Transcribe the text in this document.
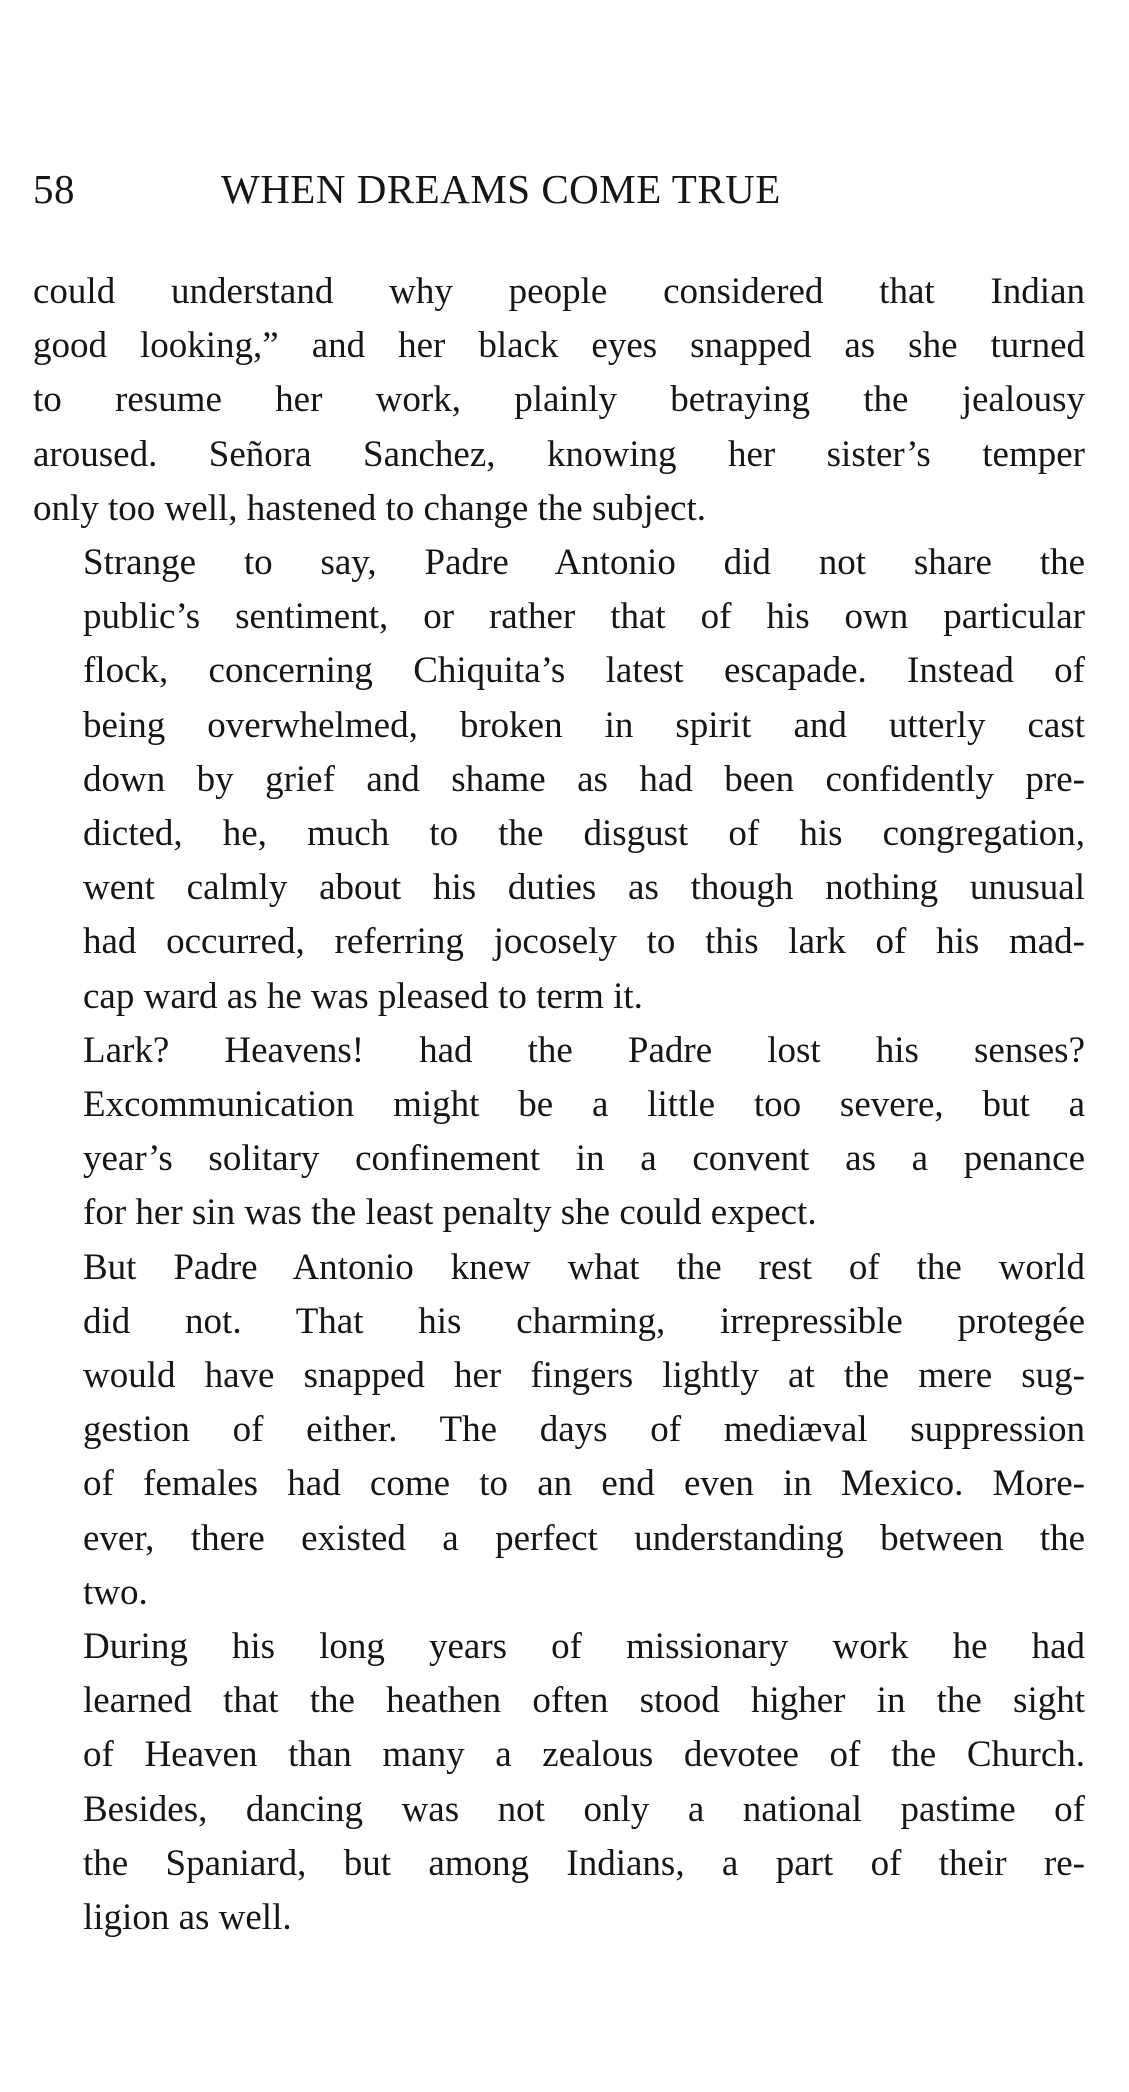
58	WHEN DREAMS COME TRUE

could understand why people considered that Indian
good looking,” and her black eyes snapped as she turned
to resume her work, plainly betraying the jealousy
aroused. Señora Sanchez, knowing her sister’s temper
only too well, hastened to change the subject.

Strange to say, Padre Antonio did not share the
public’s sentiment, or rather that of his own particular
flock, concerning Chiquita’s latest escapade. Instead of
being overwhelmed, broken in spirit and utterly cast
down by grief and shame as had been confidently pre-
dicted, he, much to the disgust of his congregation,
went calmly about his duties as though nothing unusual
had occurred, referring jocosely to this lark of his mad-
cap ward as he was pleased to term it.

Lark? Heavens! had the Padre lost his senses?
Excommunication might be a little too severe, but a
year’s solitary confinement in a convent as a penance
for her sin was the least penalty she could expect.

But Padre Antonio knew what the rest of the world
did not. That his charming, irrepressible protegée
would have snapped her fingers lightly at the mere sug-
gestion of either. The days of mediæval suppression
of females had come to an end even in Mexico. More-
ever, there existed a perfect understanding between the
two.

During his long years of missionary work he had
learned that the heathen often stood higher in the sight
of Heaven than many a zealous devotee of the Church.
Besides, dancing was not only a national pastime of
the Spaniard, but among Indians, a part of their re-
ligion as well.
